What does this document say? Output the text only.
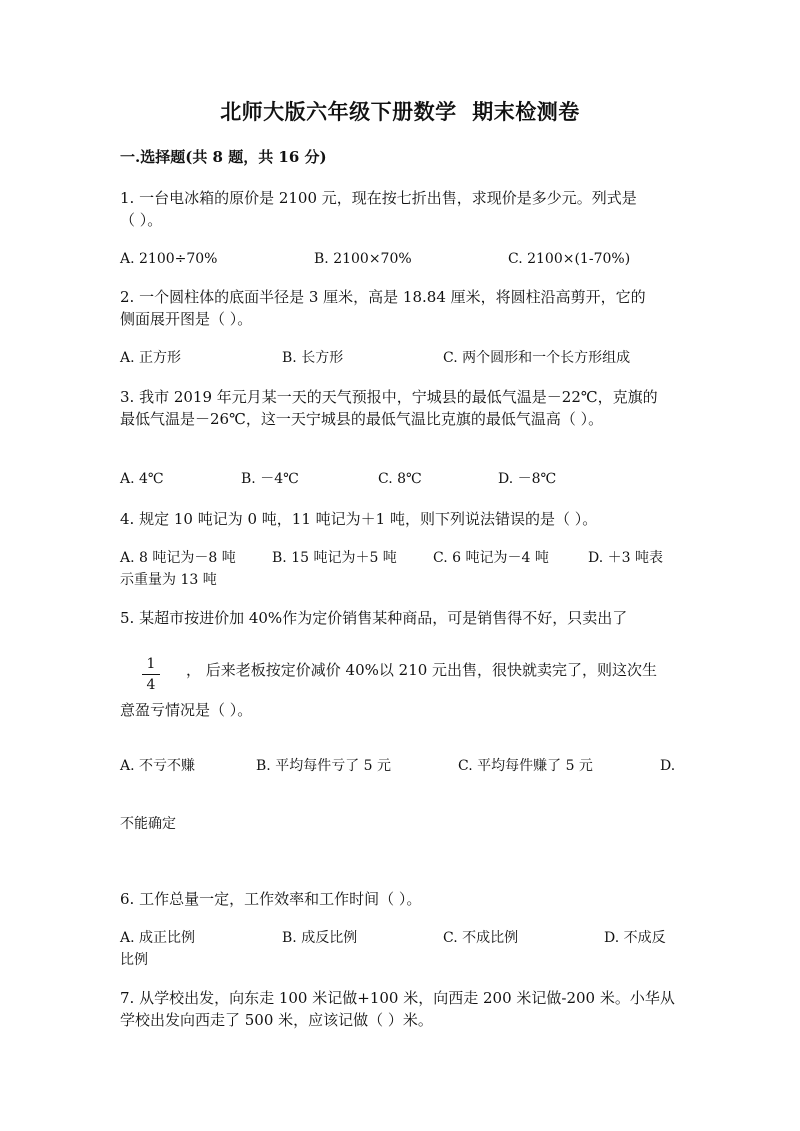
北师大版六年级下册数学  期末检测卷
一.选择题(共 8 题，共 16 分)
1. 一台电冰箱的原价是 2100 元，现在按七折出售，求现价是多少元。列式是
（ ）。
A. 2100÷70%	B. 2100×70%	C. 2100×(1-70%)
2. 一个圆柱体的底面半径是 3 厘米，高是 18.84 厘米，将圆柱沿高剪开，它的
侧面展开图是（ ）。
A. 正方形	B. 长方形	C. 两个圆形和一个长方形组成
3. 我市 2019 年元月某一天的天气预报中，宁城县的最低气温是－22℃，克旗的
最低气温是－26℃，这一天宁城县的最低气温比克旗的最低气温高（ ）。
A. 4℃	B. －4℃	C. 8℃	D. －8℃
4. 规定 10 吨记为 0 吨，11 吨记为＋1 吨，则下列说法错误的是（ ）。
A. 8 吨记为－8 吨	B. 15 吨记为＋5 吨	C. 6 吨记为－4 吨	D. ＋3 吨表
示重量为 13 吨
5. 某超市按进价加 40%作为定价销售某种商品，可是销售得不好，只卖出了
$\frac{1}{4}$ ， 后来老板按定价减价 40%以 210 元出售，很快就卖完了，则这次生
意盈亏情况是（ ）。
A. 不亏不赚	B. 平均每件亏了 5 元	C. 平均每件赚了 5 元	D.
不能确定
6. 工作总量一定，工作效率和工作时间（ ）。
A. 成正比例	B. 成反比例	C. 不成比例	D. 不成反
比例
7. 从学校出发，向东走 100 米记做+100 米，向西走 200 米记做-200 米。小华从
学校出发向西走了 500 米，应该记做（ ）米。
